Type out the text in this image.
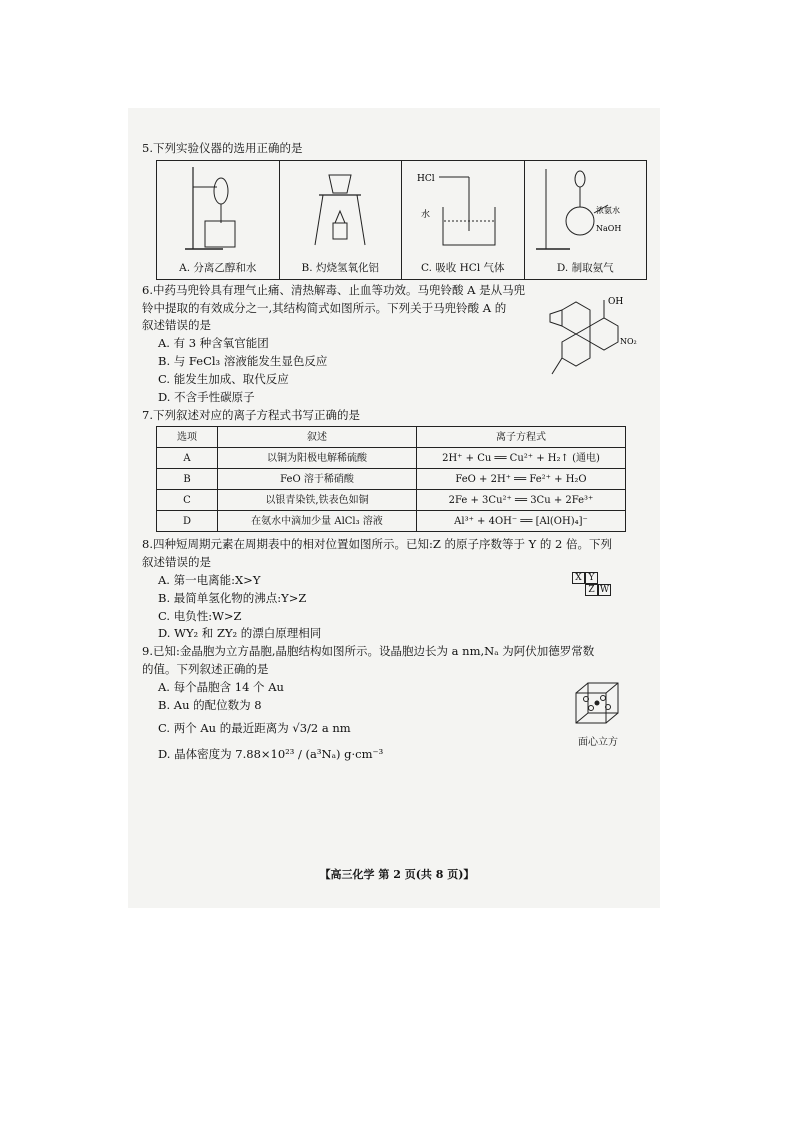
5.下列实验仪器的选用正确的是

A. 分离乙醇和水	B. 灼烧氢氧化铝
HCl
水
C. 吸收 HCl 气体
浓氨水
NaOH
D. 制取氨气

6.中药马兜铃具有理气止痛、清热解毒、止血等功效。马兜铃酸 A 是从马兜

铃中提取的有效成分之一,其结构简式如图所示。下列关于马兜铃酸 A 的

叙述错误的是

A. 有 3 种含氧官能团

B. 与 FeCl₃ 溶液能发生显色反应

C. 能发生加成、取代反应

D. 不含手性碳原子

OH
NO₂

7.下列叙述对应的离子方程式书写正确的是

选项	叙述	离子方程式
A	以铜为阳极电解稀硫酸	2H⁺ + Cu ══ Cu²⁺ + H₂↑ (通电)
B	FeO 溶于稀硝酸	FeO + 2H⁺ ══ Fe²⁺ + H₂O
C	以银青染铁,铁表色如铜	2Fe + 3Cu²⁺ ══ 3Cu + 2Fe³⁺
D	在氨水中滴加少量 AlCl₃ 溶液	Al³⁺ + 4OH⁻ ══ [Al(OH)₄]⁻

8.四种短周期元素在周期表中的相对位置如图所示。已知:Z 的原子序数等于 Y 的 2 倍。下列

叙述错误的是

A. 第一电离能:X>Y

B. 最简单氢化物的沸点:Y>Z

C. 电负性:W>Z

D. WY₂ 和 ZY₂ 的漂白原理相同

X Y
Z W

9.已知:金晶胞为立方晶胞,晶胞结构如图所示。设晶胞边长为 a nm,Nₐ 为阿伏加德罗常数

的值。下列叙述正确的是

A. 每个晶胞含 14 个 Au

B. Au 的配位数为 8

C. 两个 Au 的最近距离为 √3/2 a nm

D. 晶体密度为 7.88×10²³ / (a³Nₐ) g·cm⁻³

面心立方
【高三化学 第 2 页(共 8 页)】
